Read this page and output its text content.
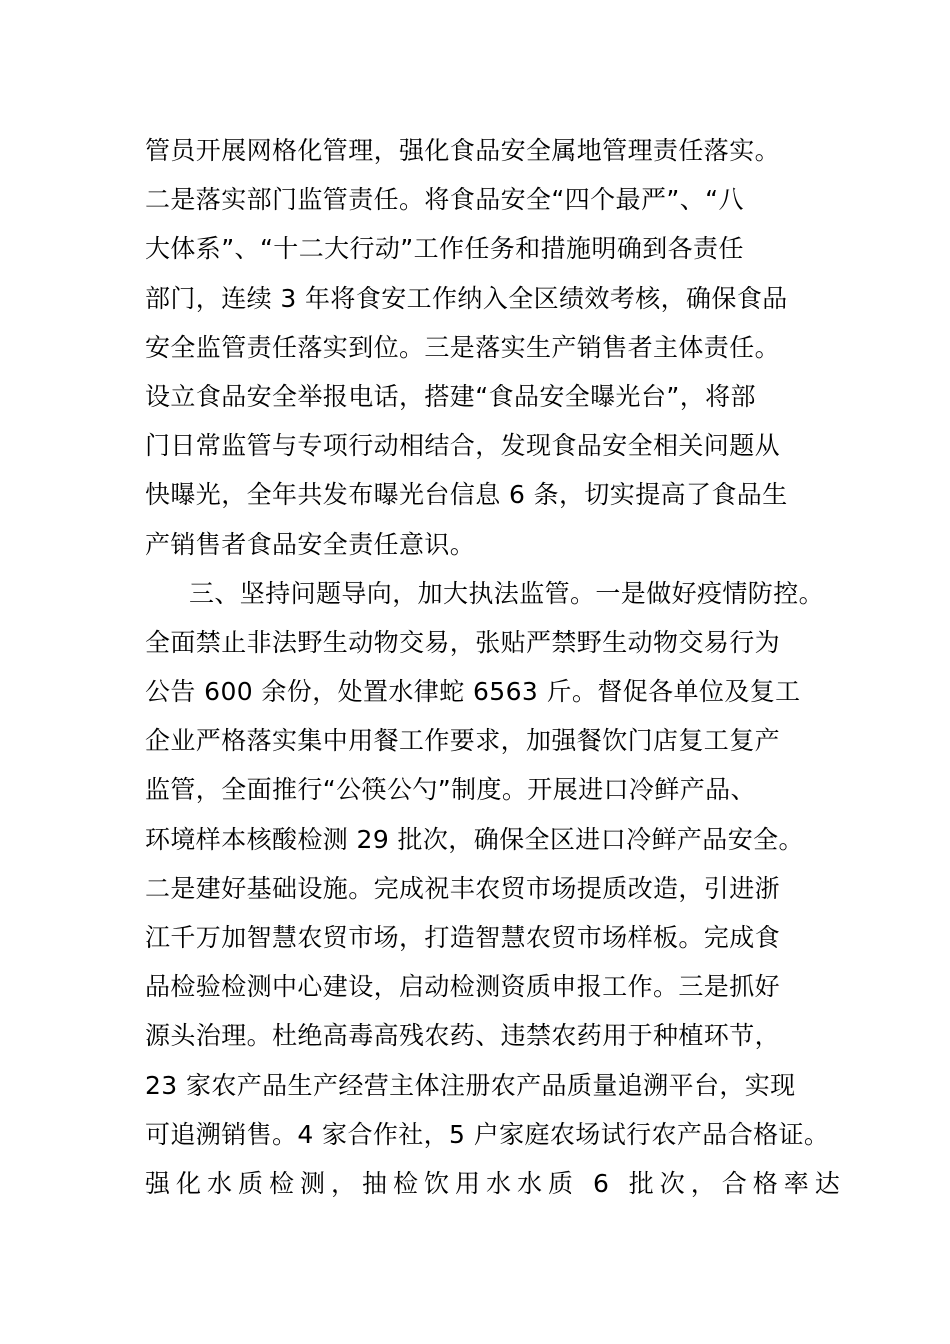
管员开展网格化管理，强化食品安全属地管理责任落实。
二是落实部门监管责任。将食品安全“四个最严”、“八
大体系”、“十二大行动”工作任务和措施明确到各责任
部门，连续 3 年将食安工作纳入全区绩效考核，确保食品
安全监管责任落实到位。三是落实生产销售者主体责任。
设立食品安全举报电话，搭建“食品安全曝光台”，将部
门日常监管与专项行动相结合，发现食品安全相关问题从
快曝光，全年共发布曝光台信息 6 条，切实提高了食品生
产销售者食品安全责任意识。
三、坚持问题导向，加大执法监管。一是做好疫情防控。
全面禁止非法野生动物交易，张贴严禁野生动物交易行为
公告 600 余份，处置水律蛇 6563 斤。督促各单位及复工
企业严格落实集中用餐工作要求，加强餐饮门店复工复产
监管，全面推行“公筷公勺”制度。开展进口冷鲜产品、
环境样本核酸检测 29 批次，确保全区进口冷鲜产品安全。
二是建好基础设施。完成祝丰农贸市场提质改造，引进浙
江千万加智慧农贸市场，打造智慧农贸市场样板。完成食
品检验检测中心建设，启动检测资质申报工作。三是抓好
源头治理。杜绝高毒高残农药、违禁农药用于种植环节，
23 家农产品生产经营主体注册农产品质量追溯平台，实现
可追溯销售。4 家合作社，5 户家庭农场试行农产品合格证。
强化水质检测，抽检饮用水水质 6 批次，合格率达
